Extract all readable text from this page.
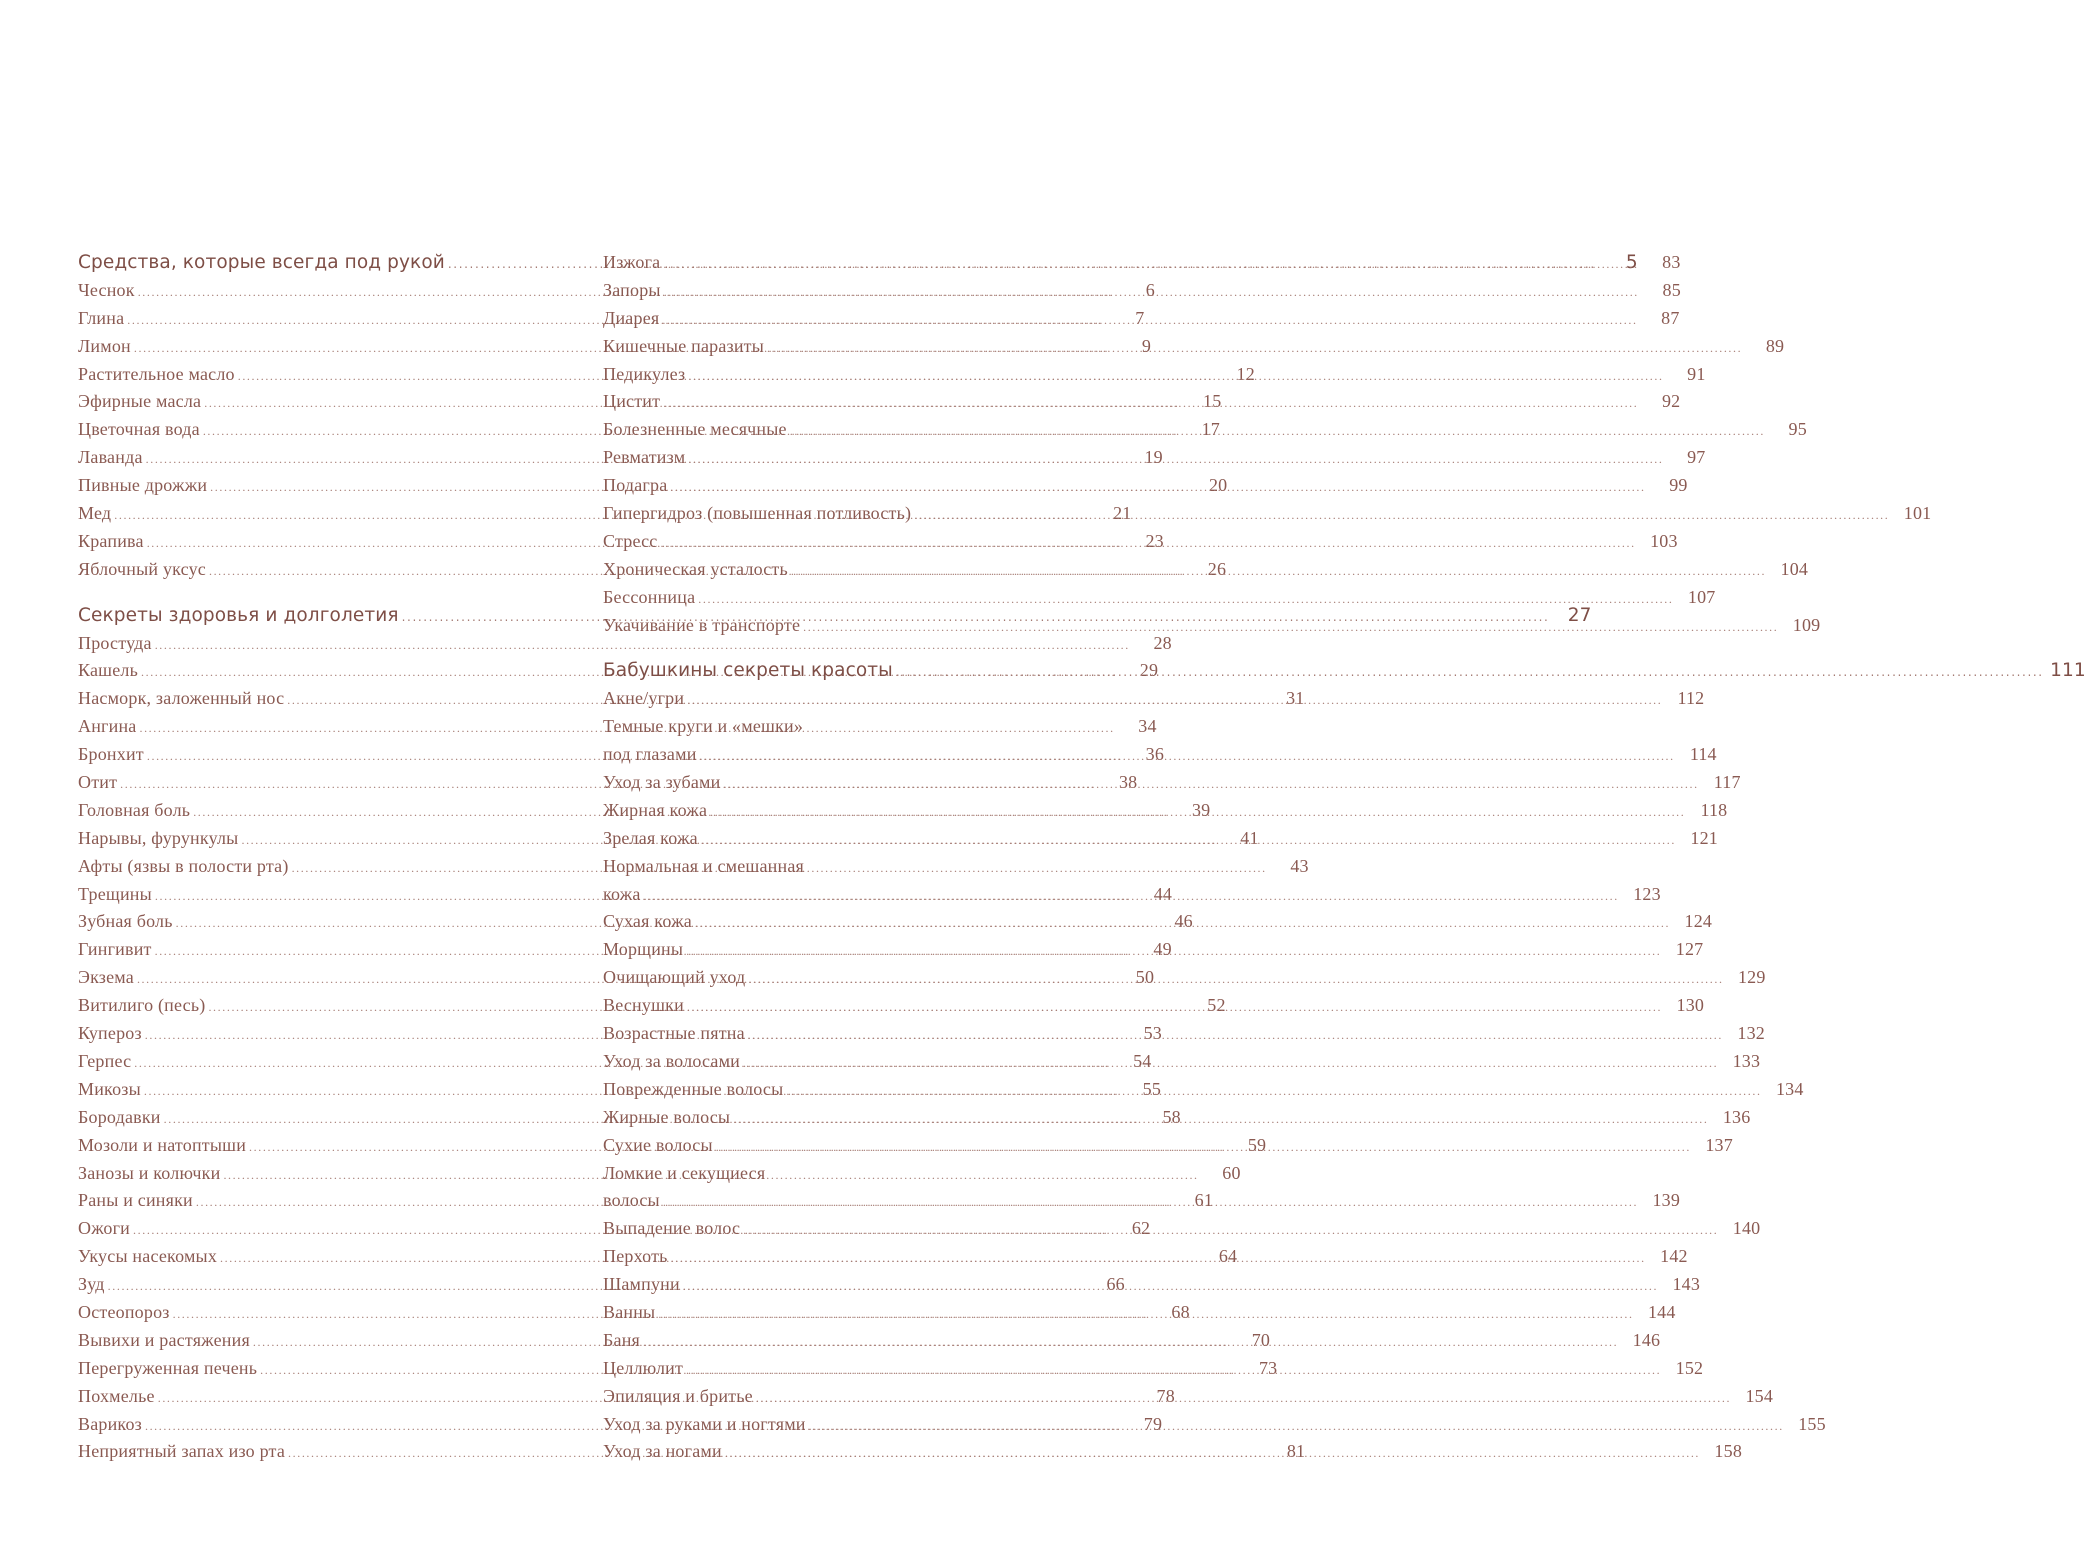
Средства, которые всегда под рукой .....	5
Чеснок .....	6
Глина .....	7
Лимон .....	9
Растительное масло .....	12
Эфирные масла .....	15
Цветочная вода .....	17
Лаванда .....	19
Пивные дрожжи .....	20
Мед .....	21
Крапива .....	23
Яблочный уксус .....	26
Секреты здоровья и долголетия .....	27
Простуда .....	28
Кашель .....	29
Насморк, заложенный нос .....	31
Ангина .....	34
Бронхит .....	36
Отит .....	38
Головная боль .....	39
Нарывы, фурункулы .....	41
Афты (язвы в полости рта) .....	43
Трещины .....	44
Зубная боль .....	46
Гингивит .....	49
Экзема .....	50
Витилиго (песь) .....	52
Купероз .....	53
Герпес .....	54
Микозы .....	55
Бородавки .....	58
Мозоли и натоптыши .....	59
Занозы и колючки .....	60
Раны и синяки .....	61
Ожоги .....	62
Укусы насекомых .....	64
Зуд .....	66
Остеопороз .....	68
Вывихи и растяжения .....	70
Перегруженная печень .....	73
Похмелье .....	78
Варикоз .....	79
Неприятный запах изо рта .....	81
Изжога .....	83
Запоры .....	85
Диарея .....	87
Кишечные паразиты .....	89
Педикулез .....	91
Цистит .....	92
Болезненные месячные .....	95
Ревматизм .....	97
Подагра .....	99
Гипергидроз (повышенная потливость) .....	101
Стресс .....	103
Хроническая усталость .....	104
Бессонница .....	107
Укачивание в транспорте .....	109
Бабушкины секреты красоты .....	111
Акне/угри .....	112
Темные круги и «мешки»
под глазами .....	114
Уход за зубами .....	117
Жирная кожа .....	118
Зрелая кожа .....	121
Нормальная и смешанная
кожа .....	123
Сухая кожа .....	124
Морщины .....	127
Очищающий уход .....	129
Веснушки .....	130
Возрастные пятна .....	132
Уход за волосами .....	133
Поврежденные волосы .....	134
Жирные волосы .....	136
Сухие волосы .....	137
Ломкие и секущиеся
волосы .....	139
Выпадение волос .....	140
Перхоть .....	142
Шампуни .....	143
Ванны .....	144
Баня .....	146
Целлюлит .....	152
Эпиляция и бритье .....	154
Уход за руками и ногтями .....	155
Уход за ногами .....	158
